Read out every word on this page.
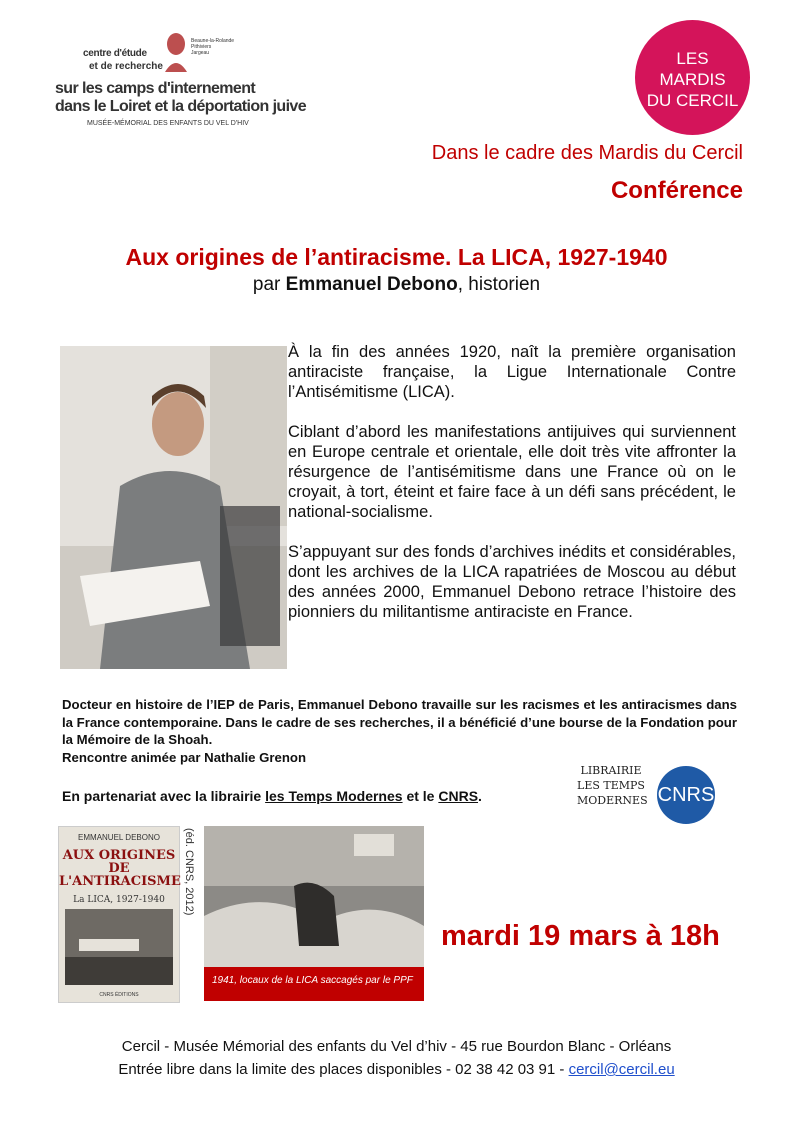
Beaune-la-Rolande
Pithiviers
Jargeau
centre d'étude
et de recherche
sur les camps d'internement
dans le Loiret et la déportation juive
MUSÉE-MÉMORIAL DES ENFANTS DU VEL D'HIV
LES
MARDIS
DU CERCIL
Dans le cadre des Mardis du Cercil
Conférence
Aux origines de l’antiracisme. La LICA, 1927-1940
par Emmanuel Debono, historien

À la fin des années 1920, naît la première organisation antiraciste française, la Ligue Internationale Contre l’Antisémitisme (LICA).

Ciblant d’abord les manifestations antijuives qui surviennent en Europe centrale et orientale, elle doit très vite affronter la résurgence de l’antisémitisme dans une France où on le croyait, à tort, éteint et faire face à un défi sans précédent, le national-socialisme.

S’appuyant sur des fonds d’archives inédits et considérables, dont les archives de la LICA rapatriées de Moscou au début des années 2000, Emmanuel Debono retrace l’histoire des pionniers du militantisme antiraciste en France.

Docteur en histoire de l’IEP de Paris, Emmanuel Debono travaille sur les racismes et les antiracismes dans la France contemporaine. Dans le cadre de ses recherches, il a bénéficié d’une bourse de la Fondation pour la Mémoire de la Shoah.
Rencontre animée par Nathalie Grenon
En partenariat avec la librairie les Temps Modernes et le CNRS.
LIBRAIRIE
LES TEMPS
MODERNES CNRS
EMMANUEL DEBONO
AUX ORIGINES
DE
L'ANTIRACISME
La LICA, 1927-1940
CNRS ÉDITIONS
(éd. CNRS, 2012)
1941, locaux de la LICA saccagés par le PPF
mardi 19 mars à 18h
Cercil - Musée Mémorial des enfants du Vel d’hiv - 45 rue Bourdon Blanc - Orléans
Entrée libre dans la limite des places disponibles - 02 38 42 03 91 - cercil@cercil.eu
